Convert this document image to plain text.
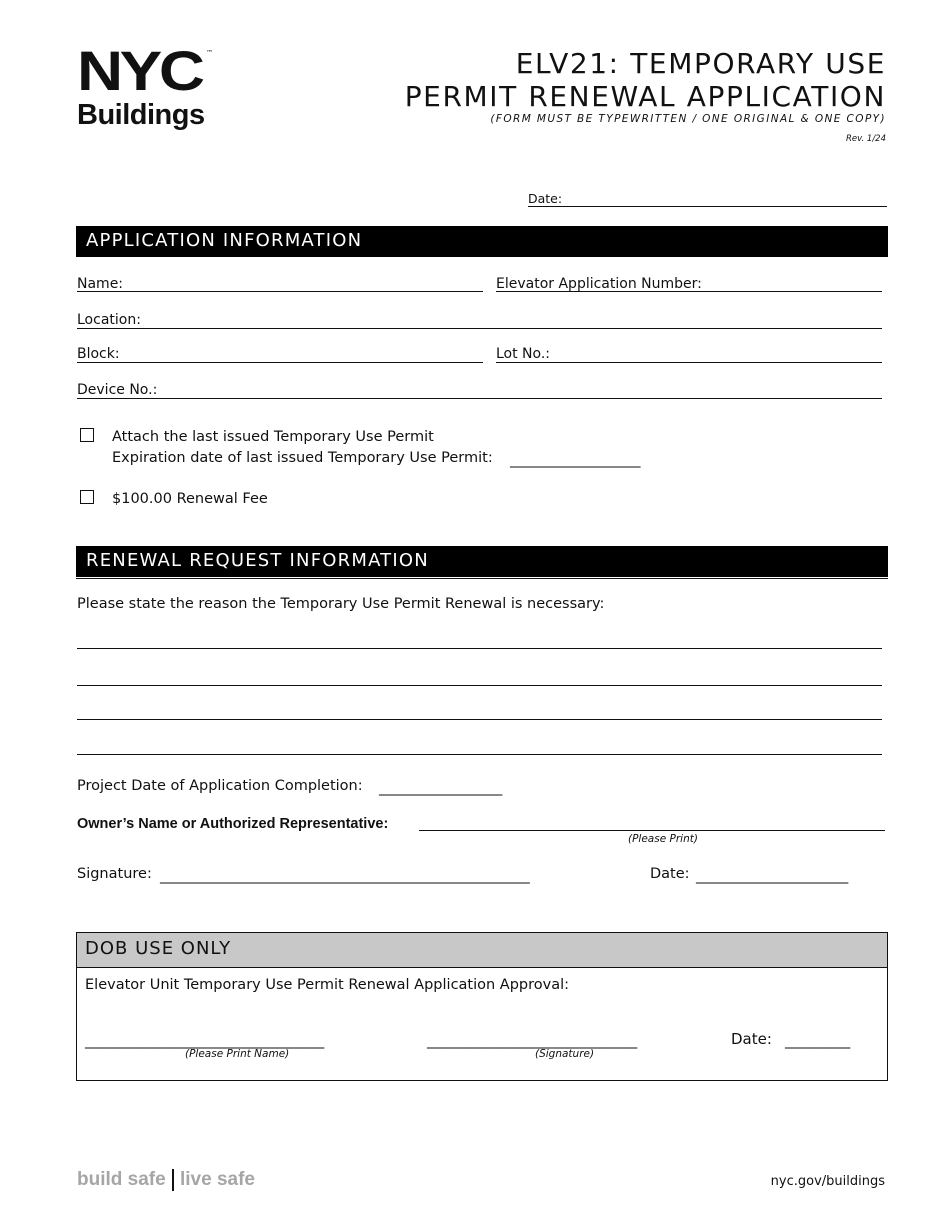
NYC ™
Buildings
ELV21: TEMPORARY USE
PERMIT RENEWAL APPLICATION
(FORM MUST BE TYPEWRITTEN / ONE ORIGINAL & ONE COPY)
Rev. 1/24
Date:
APPLICATION INFORMATION
Name:	Elevator Application Number:
Location:
Block:	Lot No.:
Device No.:
Attach the last issued Temporary Use Permit
Expiration date of last issued Temporary Use Permit: __________________
$100.00 Renewal Fee
RENEWAL REQUEST INFORMATION
Please state the reason the Temporary Use Permit Renewal is necessary:
Project Date of Application Completion: _________________
Owner’s Name or Authorized Representative:
(Please Print)
Signature: ___________________________________________________	Date: _____________________
DOB USE ONLY
Elevator Unit Temporary Use Permit Renewal Application Approval:
_________________________________
(Please Print Name)
_____________________________
(Signature)
Date: _________
build safe live safe	nyc.gov/buildings
